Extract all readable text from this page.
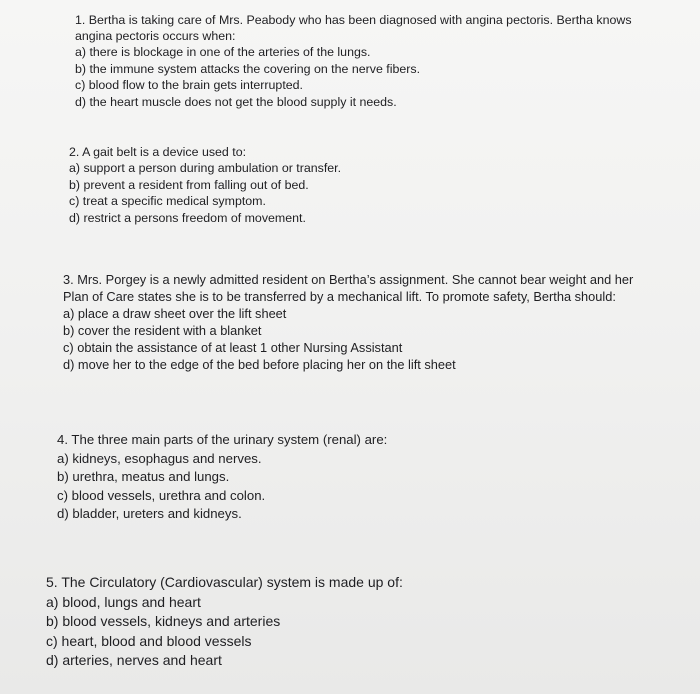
1. Bertha is taking care of Mrs. Peabody who has been diagnosed with angina pectoris. Bertha knows angina pectoris occurs when:

a) there is blockage in one of the arteries of the lungs.

b) the immune system attacks the covering on the nerve fibers.

c) blood flow to the brain gets interrupted.

d) the heart muscle does not get the blood supply it needs.

2. A gait belt is a device used to:

a) support a person during ambulation or transfer.

b) prevent a resident from falling out of bed.

c) treat a specific medical symptom.

d) restrict a persons freedom of movement.

3. Mrs. Porgey is a newly admitted resident on Bertha’s assignment. She cannot bear weight and her Plan of Care states she is to be transferred by a mechanical lift. To promote safety, Bertha should:

a) place a draw sheet over the lift sheet

b) cover the resident with a blanket

c) obtain the assistance of at least 1 other Nursing Assistant

d) move her to the edge of the bed before placing her on the lift sheet

4. The three main parts of the urinary system (renal) are:

a) kidneys, esophagus and nerves.

b) urethra, meatus and lungs.

c) blood vessels, urethra and colon.

d) bladder, ureters and kidneys.

5. The Circulatory (Cardiovascular) system is made up of:

a) blood, lungs and heart

b) blood vessels, kidneys and arteries

c) heart, blood and blood vessels

d) arteries, nerves and heart
